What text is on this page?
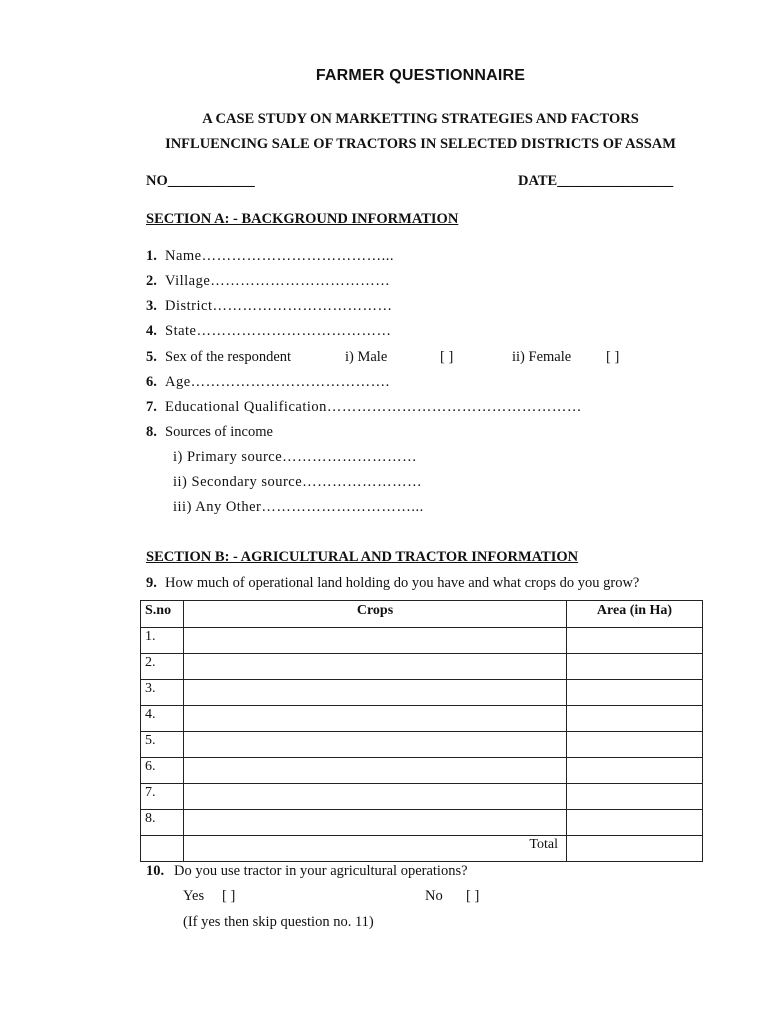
FARMER QUESTIONNAIRE
A CASE STUDY ON MARKETTING STRATEGIES AND FACTORS
INFLUENCING SALE OF TRACTORS IN SELECTED DISTRICTS OF ASSAM
NO____________	DATE________________
SECTION A: - BACKGROUND INFORMATION
1. Name………………………………...
2. Village………………………………
3. District………………………………
4. State…………………………………
5. Sex of the respondent	i) Male	[ ]	ii) Female [ ]
6. Age………………………………….
7. Educational Qualification……………………………………………
8. Sources of income
i) Primary source………………………
ii) Secondary source……………………
iii) Any Other…………………………...
SECTION B: - AGRICULTURAL AND TRACTOR INFORMATION
9. How much of operational land holding do you have and what crops do you grow?
S.no	Crops	Area (in Ha)
1.		
2.		
3.		
4.		
5.		
6.		
7.		
8.		
	Total	
10. Do you use tractor in your agricultural operations?
Yes [ ]	No [ ]
(If yes then skip question no. 11)
